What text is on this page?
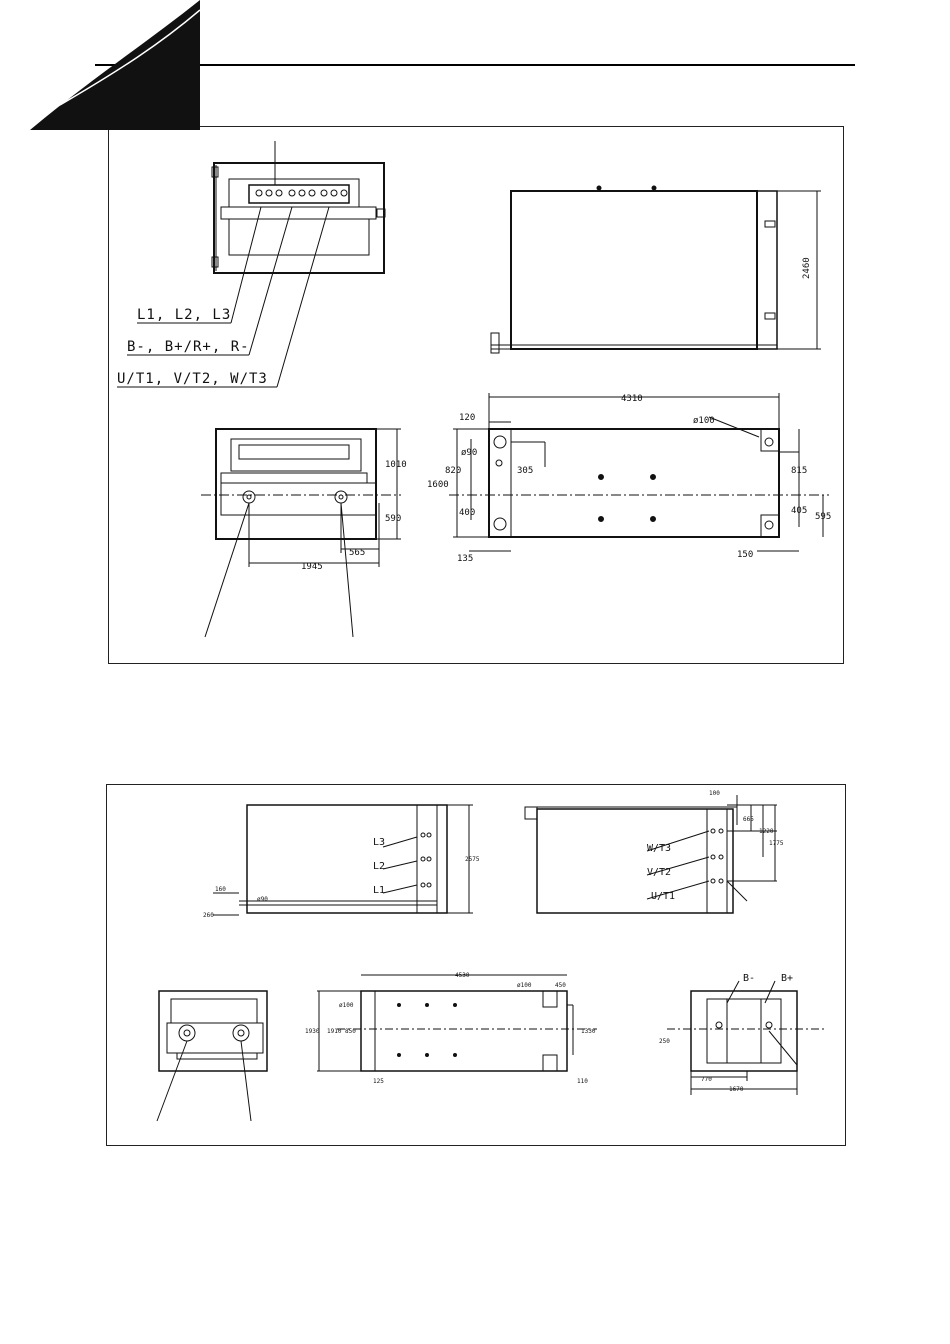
L1, L2, L3
B-, B+/R+, R-
U/T1, V/T2, W/T3
2460
4310
ø100
120
ø90
1600
820	305
400
815
405
595
135	150
1010
590
565
1945
L3
L2
L1
2575
160
260
ø90
W/T3
V/T2
U/T1
100
665
1220
1775
4530
ø100	450
1930 1910 850
ø100
1330
125	110
B-	B+
250
770
1670
